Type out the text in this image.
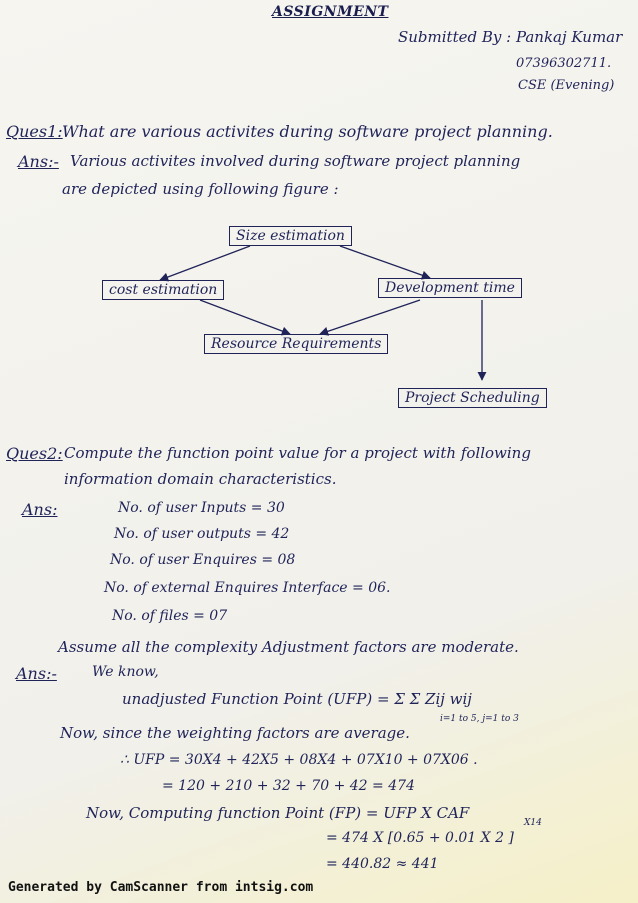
ASSIGNMENT
Submitted By : Pankaj Kumar
07396302711.
CSE (Evening)
Ques1: What are various activites during software project planning.
Ans:- Various activites involved during software project planning
are depicted using following figure :
Size estimation
cost estimation	Development time
Resource Requirements
Project Scheduling
Ques2: Compute the function point value for a project with following
information domain characteristics.
Ans:	No. of user Inputs = 30
No. of user outputs = 42
No. of user Enquires = 08
No. of external Enquires Interface = 06.
No. of files = 07
Assume all the complexity Adjustment factors are moderate.
Ans:-	We know,
unadjusted Function Point (UFP) = Σ Σ Zij wij
i=1 to 5, j=1 to 3
Now, since the weighting factors are average.
∴ UFP = 30X4 + 42X5 + 08X4 + 07X10 + 07X06 .
= 120 + 210 + 32 + 70 + 42 = 474
Now, Computing function Point (FP) = UFP X CAF
X14
= 474 X [0.65 + 0.01 X 2 ]
= 440.82 ≈ 441
Generated by CamScanner from intsig.com
